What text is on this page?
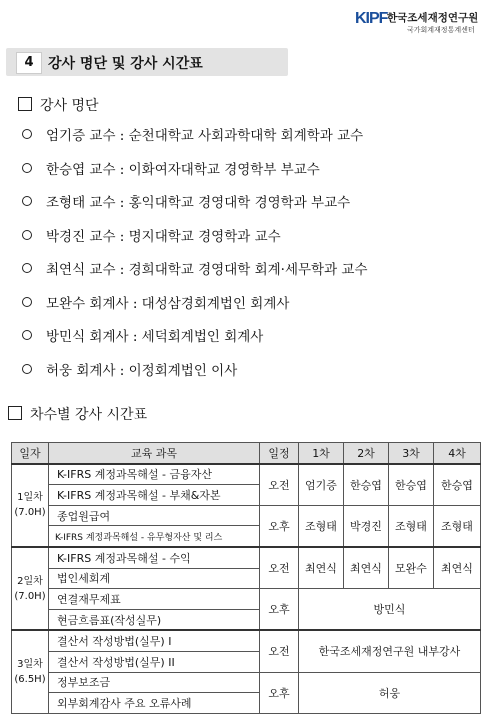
KIPF 한국조세재정연구원
국가회계재정통계센터
4	강사 명단 및 강사 시간표
강사 명단
엄기증 교수 : 순천대학교 사회과학대학 회계학과 교수
한승엽 교수 : 이화여자대학교 경영학부 부교수
조형태 교수 : 홍익대학교 경영대학 경영학과 부교수
박경진 교수 : 명지대학교 경영학과 교수
최연식 교수 : 경희대학교 경영대학 회계·세무학과 교수
모완수 회계사 : 대성삼경회계법인 회계사
방민식 회계사 : 세덕회계법인 회계사
허웅 회계사 : 이정회계법인 이사
차수별 강사 시간표
일자	교육 과목	일정	1차	2차	3차	4차
1일차
(7.0H)	K-IFRS 계정과목해설 - 금융자산	오전	엄기증	한승엽	한승엽	한승엽
	K-IFRS 계정과목해설 - 부채&자본					
	종업원급여	오후	조형태	박경진	조형태	조형태
	K-IFRS 계정과목해설 - 유무형자산 및 리스					
2일차
(7.0H)	K-IFRS 계정과목해설 - 수익	오전	최연식	최연식	모완수	최연식
	법인세회계					
	연결재무제표	오후	방민식			
	현금흐름표(작성실무)					
3일차
(6.5H)	결산서 작성방법(실무) I	오전	한국조세재정연구원 내부강사			
	결산서 작성방법(실무) II					
	정부보조금	오후	허웅			
	외부회계감사 주요 오류사례					
